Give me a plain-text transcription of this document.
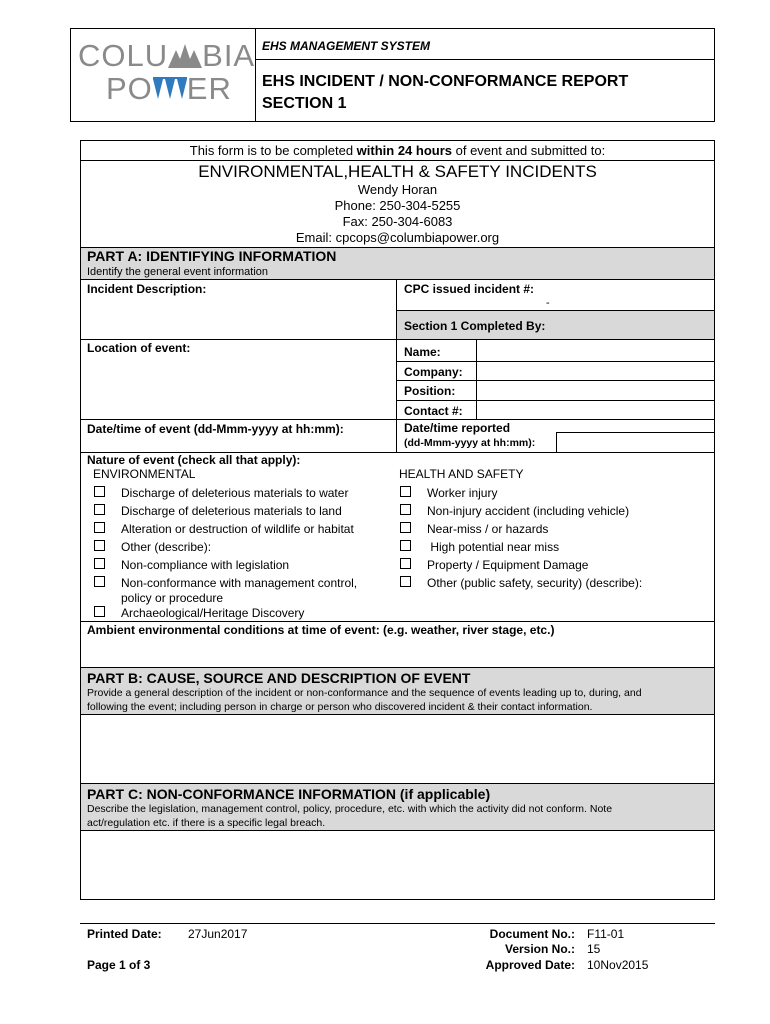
COLU BIA
PO ER
EHS MANAGEMENT SYSTEM
EHS INCIDENT / NON-CONFORMANCE REPORT
SECTION 1
This form is to be completed within 24 hours of event and submitted to:
ENVIRONMENTAL,HEALTH & SAFETY INCIDENTS
Wendy Horan
Phone: 250-304-5255
Fax: 250-304-6083
Email: cpcops@columbiapower.org
PART A: IDENTIFYING INFORMATION
Identify the general event information
Incident Description:	CPC issued incident #:
-
Section 1 Completed By:
Location of event:	Name:
Company:
Position:
Contact #:
Date/time of event (dd-Mmm-yyyy at hh:mm):	Date/time reported
(dd-Mmm-yyyy at hh:mm):
Nature of event (check all that apply):
ENVIRONMENTAL	HEALTH AND SAFETY
Discharge of deleterious materials to water
Discharge of deleterious materials to land
Alteration or destruction of wildlife or habitat
Other (describe):
Non-compliance with legislation
Non-conformance with management control,
policy or procedure
Archaeological/Heritage Discovery
Worker injury
Non-injury accident (including vehicle)
Near-miss / or hazards
High potential near miss
Property / Equipment Damage
Other (public safety, security) (describe):
Ambient environmental conditions at time of event: (e.g. weather, river stage, etc.)
PART B: CAUSE, SOURCE AND DESCRIPTION OF EVENT
Provide a general description of the incident or non-conformance and the sequence of events leading up to, during, and
following the event; including person in charge or person who discovered incident & their contact information.
PART C: NON-CONFORMANCE INFORMATION (if applicable)
Describe the legislation, management control, policy, procedure, etc. with which the activity did not conform. Note
act/regulation etc. if there is a specific legal breach.
Printed Date: 27Jun2017
Page 1 of 3
Document No.: F11-01
Version No.: 15
Approved Date: 10Nov2015
